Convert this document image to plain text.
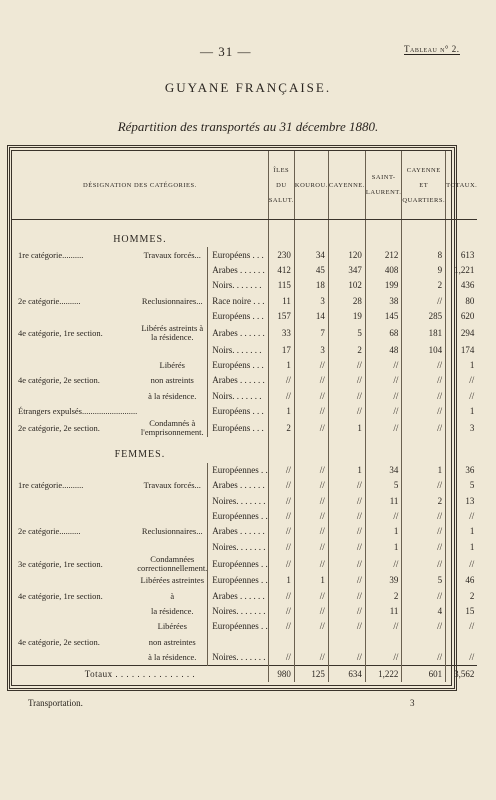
— 31 —	Tableau n° 2.
GUYANE FRANÇAISE.
Répartition des transportés au 31 décembre 1880.
DÉSIGNATION DES CATÉGORIES.			ÎLES DU SALUT.	KOUROU.	CAYENNE.	SAINT-LAURENT.	CAYENNE ET QUARTIERS.	TOTAUX.
HOMMES.								
1re catégorie..........	Travaux forcés...	Européens . . .	230	34	120	212	8	613
		Arabes . . . . . .	412	45	347	408	9	1,221
		Noirs. . . . . . .	115	18	102	199	2	436
2e catégorie..........	Reclusionnaires...	Race noire . . .	11	3	28	38	//	80
		Européens . . .	157	14	19	145	285	620
4e catégorie, 1re section.	Libérés astreints à la résidence.	Arabes . . . . . .	33	7	5	68	181	294
		Noirs. . . . . . .	17	3	2	48	104	174
	Libérés	Européens . . .	1	//	//	//	//	1
4e catégorie, 2e section.	non astreints	Arabes . . . . . .	//	//	//	//	//	//
	à la résidence.	Noirs. . . . . . .	//	//	//	//	//	//
Étrangers expulsés..........................		Européens . . .	1	//	//	//	//	1
2e catégorie, 2e section.	Condamnés à l'emprisonnement.	Européens . . .	2	//	1	//	//	3
FEMMES.								
		Européennes . .	//	//	1	34	1	36
1re catégorie..........	Travaux forcés...	Arabes . . . . . .	//	//	//	5	//	5
		Noires. . . . . . .	//	//	//	11	2	13
		Européennes . .	//	//	//	//	//	//
2e catégorie..........	Reclusionnaires...	Arabes . . . . . .	//	//	//	1	//	1
		Noires. . . . . . .	//	//	//	1	//	1
3e catégorie, 1re section.	Condamnées correctionnellement.	Européennes . .	//	//	//	//	//	//
	Libérées astreintes	Européennes . .	1	1	//	39	5	46
4e catégorie, 1re section.	à	Arabes . . . . . .	//	//	//	2	//	2
	la résidence.	Noires. . . . . . .	//	//	//	11	4	15
	Libérées	Européennes . .	//	//	//	//	//	//
4e catégorie, 2e section.	non astreintes							
	à la résidence.	Noires. . . . . . .	//	//	//	//	//	//
Totaux . . . . . . . . . . . . . . .			980	125	634	1,222	601	3,562
Transportation.	3
